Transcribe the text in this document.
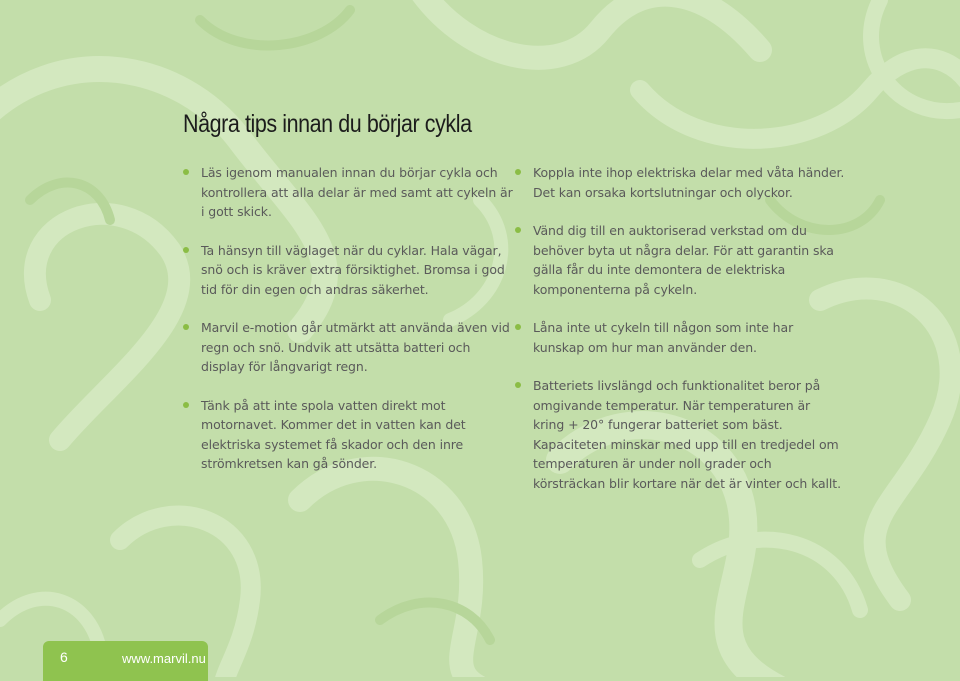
Några tips innan du börjar cykla
Läs igenom manualen innan du börjar cykla och kontrollera att alla delar är med samt att cykeln är i gott skick.
Ta hänsyn till väglaget när du cyklar. Hala vägar, snö och is kräver extra försiktighet. Bromsa i god tid för din egen och andras säkerhet.
Marvil e-motion går utmärkt att använda även vid regn och snö. Undvik att utsätta batteri och display för långvarigt regn.
Tänk på att inte spola vatten direkt mot motornavet. Kommer det in vatten kan det elektriska systemet få skador och den inre strömkretsen kan gå sönder.
Koppla inte ihop elektriska delar med våta händer. Det kan orsaka kortslutningar och olyckor.
Vänd dig till en auktoriserad verkstad om du behöver byta ut några delar. För att garantin ska gälla får du inte demontera de elektriska komponenterna på cykeln.
Låna inte ut cykeln till någon som inte har kunskap om hur man använder den.
Batteriets livslängd och funktionalitet beror på omgivande temperatur. När temperaturen är kring + 20° fungerar batteriet som bäst. Kapaciteten minskar med upp till en tredjedel om temperaturen är under noll grader och körsträckan blir kortare när det är vinter och kallt.
6	www.marvil.nu
